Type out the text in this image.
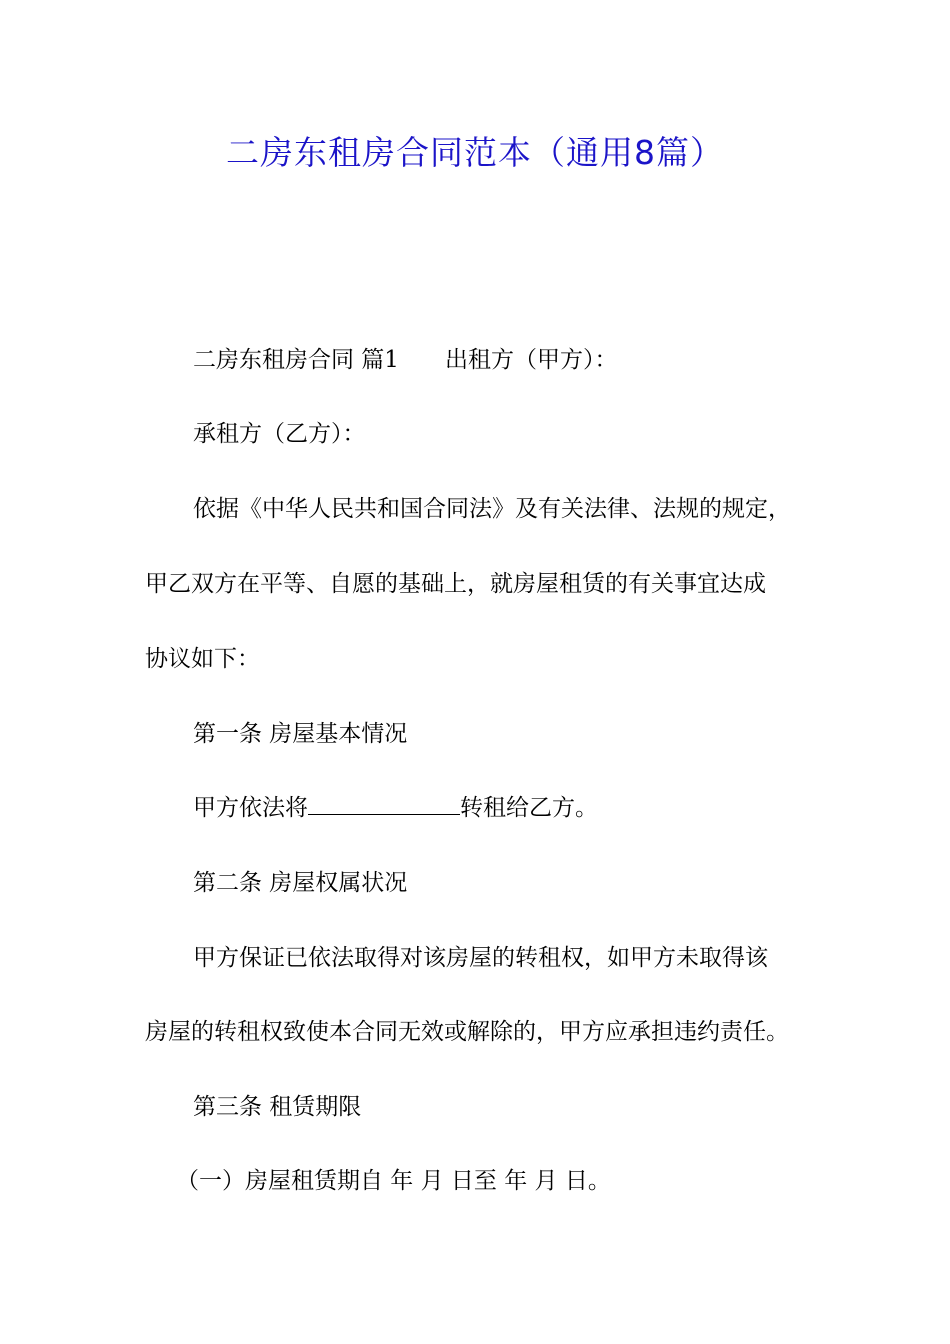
二房东租房合同范本（通用8篇）
二房东租房合同 篇1 出租方（甲方）：
承租方（乙方）：
依据《中华人民共和国合同法》及有关法律、法规的规定，
甲乙双方在平等、自愿的基础上，就房屋租赁的有关事宜达成
协议如下：
第一条 房屋基本情况
甲方依法将	转租给乙方。
第二条 房屋权属状况
甲方保证已依法取得对该房屋的转租权，如甲方未取得该
房屋的转租权致使本合同无效或解除的，甲方应承担违约责任。
第三条 租赁期限
（一）房屋租赁期自 年 月 日至 年 月 日。
